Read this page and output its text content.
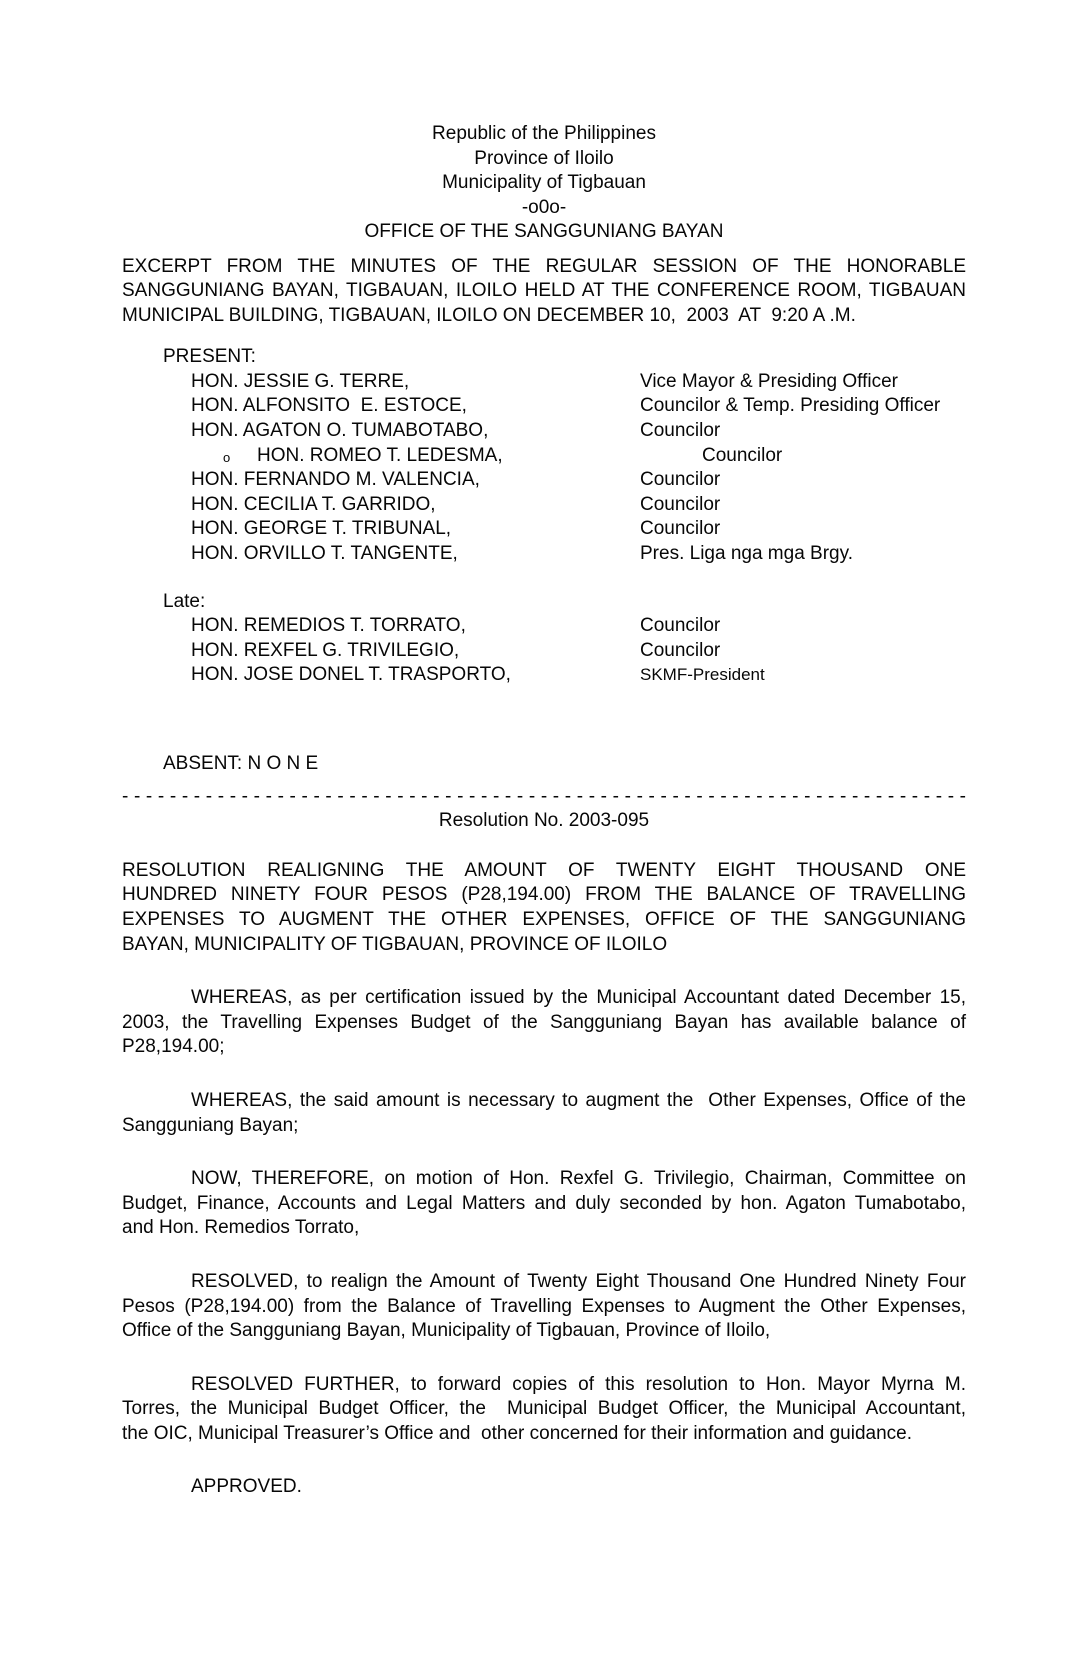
Republic of the Philippines
Province of Iloilo
Municipality of Tigbauan
-o0o-
OFFICE OF THE SANGGUNIANG BAYAN
EXCERPT FROM THE MINUTES OF THE REGULAR SESSION OF THE HONORABLE
SANGGUNIANG BAYAN, TIGBAUAN, ILOILO HELD AT THE CONFERENCE ROOM, TIGBAUAN
MUNICIPAL BUILDING, TIGBAUAN, ILOILO ON DECEMBER 10,  2003  AT  9:20 A .M.
PRESENT:
HON. JESSIE G. TERRE,	Vice Mayor & Presiding Officer
HON. ALFONSITO  E. ESTOCE,	Councilor & Temp. Presiding Officer
HON. AGATON O. TUMABOTABO,	Councilor
o HON. ROMEO T. LEDESMA,	Councilor
HON. FERNANDO M. VALENCIA,	Councilor
HON. CECILIA T. GARRIDO,	Councilor
HON. GEORGE T. TRIBUNAL,	Councilor
HON. ORVILLO T. TANGENTE,	Pres. Liga nga mga Brgy.
Late:
HON. REMEDIOS T. TORRATO,	Councilor
HON. REXFEL G. TRIVILEGIO,	Councilor
HON. JOSE DONEL T. TRASPORTO,	SKMF-President
ABSENT: N O N E
- - - - - - - - - - - - - - - - - - - - - - - - - - - - - - - - - - - - - - - - - - - - - - - - - - - - - - - - - - - - - - - - - - - - - - -
Resolution No. 2003-095
RESOLUTION REALIGNING THE AMOUNT OF TWENTY EIGHT THOUSAND ONE
HUNDRED NINETY FOUR PESOS (P28,194.00) FROM THE BALANCE OF TRAVELLING
EXPENSES TO AUGMENT THE OTHER EXPENSES, OFFICE OF THE SANGGUNIANG
BAYAN, MUNICIPALITY OF TIGBAUAN, PROVINCE OF ILOILO
WHEREAS, as per certification issued by the Municipal Accountant dated December 15,
2003, the Travelling Expenses Budget of the Sangguniang Bayan has available balance of
P28,194.00;
WHEREAS, the said amount is necessary to augment the  Other Expenses, Office of the
Sangguniang Bayan;
NOW, THEREFORE, on motion of Hon. Rexfel G. Trivilegio, Chairman, Committee on
Budget, Finance, Accounts and Legal Matters and duly seconded by hon. Agaton Tumabotabo,
and Hon. Remedios Torrato,
RESOLVED, to realign the Amount of Twenty Eight Thousand One Hundred Ninety Four
Pesos (P28,194.00) from the Balance of Travelling Expenses to Augment the Other Expenses,
Office of the Sangguniang Bayan, Municipality of Tigbauan, Province of Iloilo,
RESOLVED FURTHER, to forward copies of this resolution to Hon. Mayor Myrna M.
Torres, the Municipal Budget Officer, the  Municipal Budget Officer, the Municipal Accountant,
the OIC, Municipal Treasurer’s Office and  other concerned for their information and guidance.
APPROVED.
